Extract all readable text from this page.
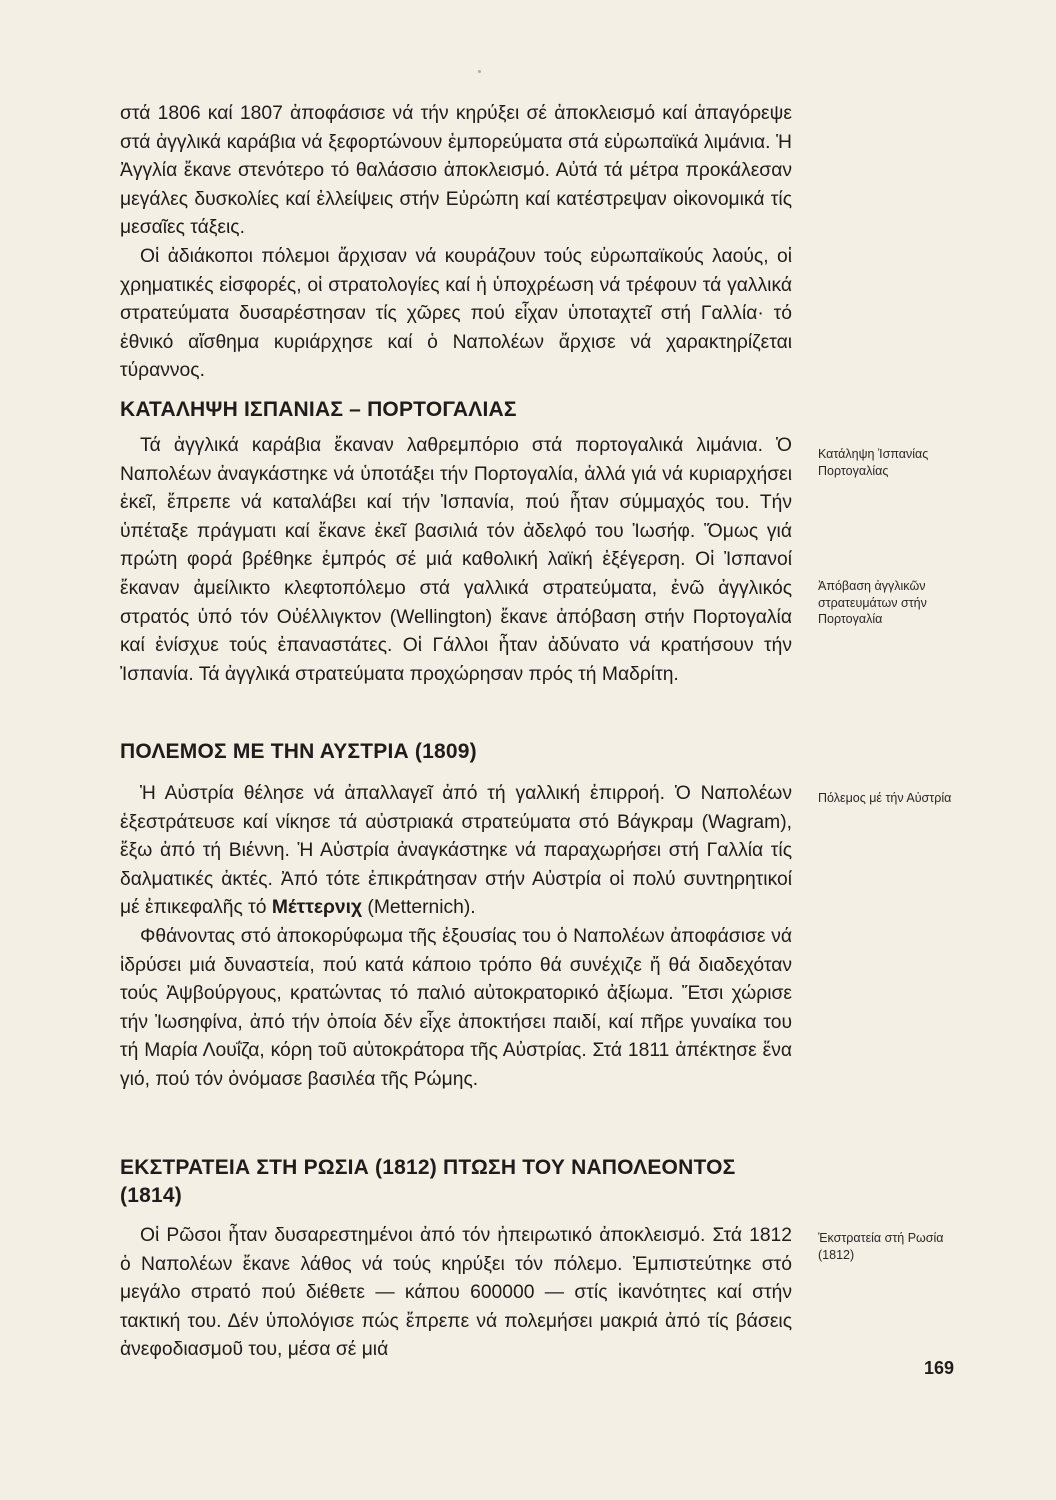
στά 1806 καί 1807 ἀποφάσισε νά τήν κηρύξει σέ ἀποκλεισμό καί ἀπαγόρεψε στά ἀγγλικά καράβια νά ξεφορτώνουν ἐμπορεύματα στά εὐρωπαϊκά λιμάνια. Ἡ Ἀγγλία ἔκανε στενότερο τό θαλάσσιο ἀποκλεισμό. Αὐτά τά μέτρα προκάλεσαν μεγάλες δυσκολίες καί ἐλλείψεις στήν Εὐρώπη καί κατέστρεψαν οἰκονομικά τίς μεσαῖες τάξεις.

Οἱ ἀδιάκοποι πόλεμοι ἄρχισαν νά κουράζουν τούς εὐρωπαϊκούς λαούς, οἱ χρηματικές εἰσφορές, οἱ στρατολογίες καί ἡ ὑποχρέωση νά τρέφουν τά γαλλικά στρατεύματα δυσαρέστησαν τίς χῶρες πού εἶχαν ὑποταχτεῖ στή Γαλλία· τό ἐθνικό αἴσθημα κυριάρχησε καί ὁ Ναπολέων ἄρχισε νά χαρακτηρίζεται τύραννος.

ΚΑΤΑΛΗΨΗ ΙΣΠΑΝΙΑΣ – ΠΟΡΤΟΓΑΛΙΑΣ

Τά ἀγγλικά καράβια ἔκαναν λαθρεμπόριο στά πορτογαλικά λιμάνια. Ὁ Ναπολέων ἀναγκάστηκε νά ὑποτάξει τήν Πορτογαλία, ἀλλά γιά νά κυριαρχήσει ἐκεῖ, ἔπρεπε νά καταλάβει καί τήν Ἰσπανία, πού ἦταν σύμμαχός του. Τήν ὑπέταξε πράγματι καί ἔκανε ἐκεῖ βασιλιά τόν ἀδελφό του Ἰωσήφ. Ὅμως γιά πρώτη φορά βρέθηκε ἐμπρός σέ μιά καθολική λαϊκή ἐξέγερση. Οἱ Ἰσπανοί ἔκαναν ἀμείλικτο κλεφτοπόλεμο στά γαλλικά στρατεύματα, ἐνῶ ἀγγλικός στρατός ὑπό τόν Οὐέλλιγκτον (Wellington) ἔκανε ἀπόβαση στήν Πορτογαλία καί ἐνίσχυε τούς ἐπαναστάτες. Οἱ Γάλλοι ἦταν ἀδύνατο νά κρατήσουν τήν Ἰσπανία. Τά ἀγγλικά στρατεύματα προχώρησαν πρός τή Μαδρίτη.

Κατάληψη Ἰσπανίας Πορτογαλίας
Ἀπόβαση ἀγγλικῶν στρατευμάτων στήν Πορτογαλία
ΠΟΛΕΜΟΣ ΜΕ ΤΗΝ ΑΥΣΤΡΙΑ (1809)

Ἡ Αὐστρία θέλησε νά ἀπαλλαγεῖ ἀπό τή γαλλική ἐπιρροή. Ὁ Ναπολέων ἐξεστράτευσε καί νίκησε τά αὐστριακά στρατεύματα στό Βάγκραμ (Wagram), ἔξω ἀπό τή Βιέννη. Ἡ Αὐστρία ἀναγκάστηκε νά παραχωρήσει στή Γαλλία τίς δαλματικές ἀκτές. Ἀπό τότε ἐπικράτησαν στήν Αὐστρία οἱ πολύ συντηρητικοί μέ ἐπικεφαλῆς τό Μέττερνιχ (Metternich).

Φθάνοντας στό ἀποκορύφωμα τῆς ἐξουσίας του ὁ Ναπολέων ἀποφάσισε νά ἱδρύσει μιά δυναστεία, πού κατά κάποιο τρόπο θά συνέχιζε ἤ θά διαδεχόταν τούς Ἀψβούργους, κρατώντας τό παλιό αὐτοκρατορικό ἀξίωμα. Ἔτσι χώρισε τήν Ἰωσηφίνα, ἀπό τήν ὁποία δέν εἶχε ἀποκτήσει παιδί, καί πῆρε γυναίκα του τή Μαρία Λουΐζα, κόρη τοῦ αὐτοκράτορα τῆς Αὐστρίας. Στά 1811 ἀπέκτησε ἕνα γιό, πού τόν ὀνόμασε βασιλέα τῆς Ρώμης.

Πόλεμος μέ τήν Αὐστρία
ΕΚΣΤΡΑΤΕΙΑ ΣΤΗ ΡΩΣΙΑ (1812) ΠΤΩΣΗ ΤΟΥ ΝΑΠΟΛΕΟΝΤΟΣ (1814)

Οἱ Ρῶσοι ἦταν δυσαρεστημένοι ἀπό τόν ἠπειρωτικό ἀποκλεισμό. Στά 1812 ὁ Ναπολέων ἔκανε λάθος νά τούς κηρύξει τόν πόλεμο. Ἐμπιστεύτηκε στό μεγάλο στρατό πού διέθετε — κάπου 600000 — στίς ἱκανότητες καί στήν τακτική του. Δέν ὑπολόγισε πώς ἔπρεπε νά πολεμήσει μακριά ἀπό τίς βάσεις ἀνεφοδιασμοῦ του, μέσα σέ μιά

Ἐκστρατεία στή Ρωσία (1812)
169
